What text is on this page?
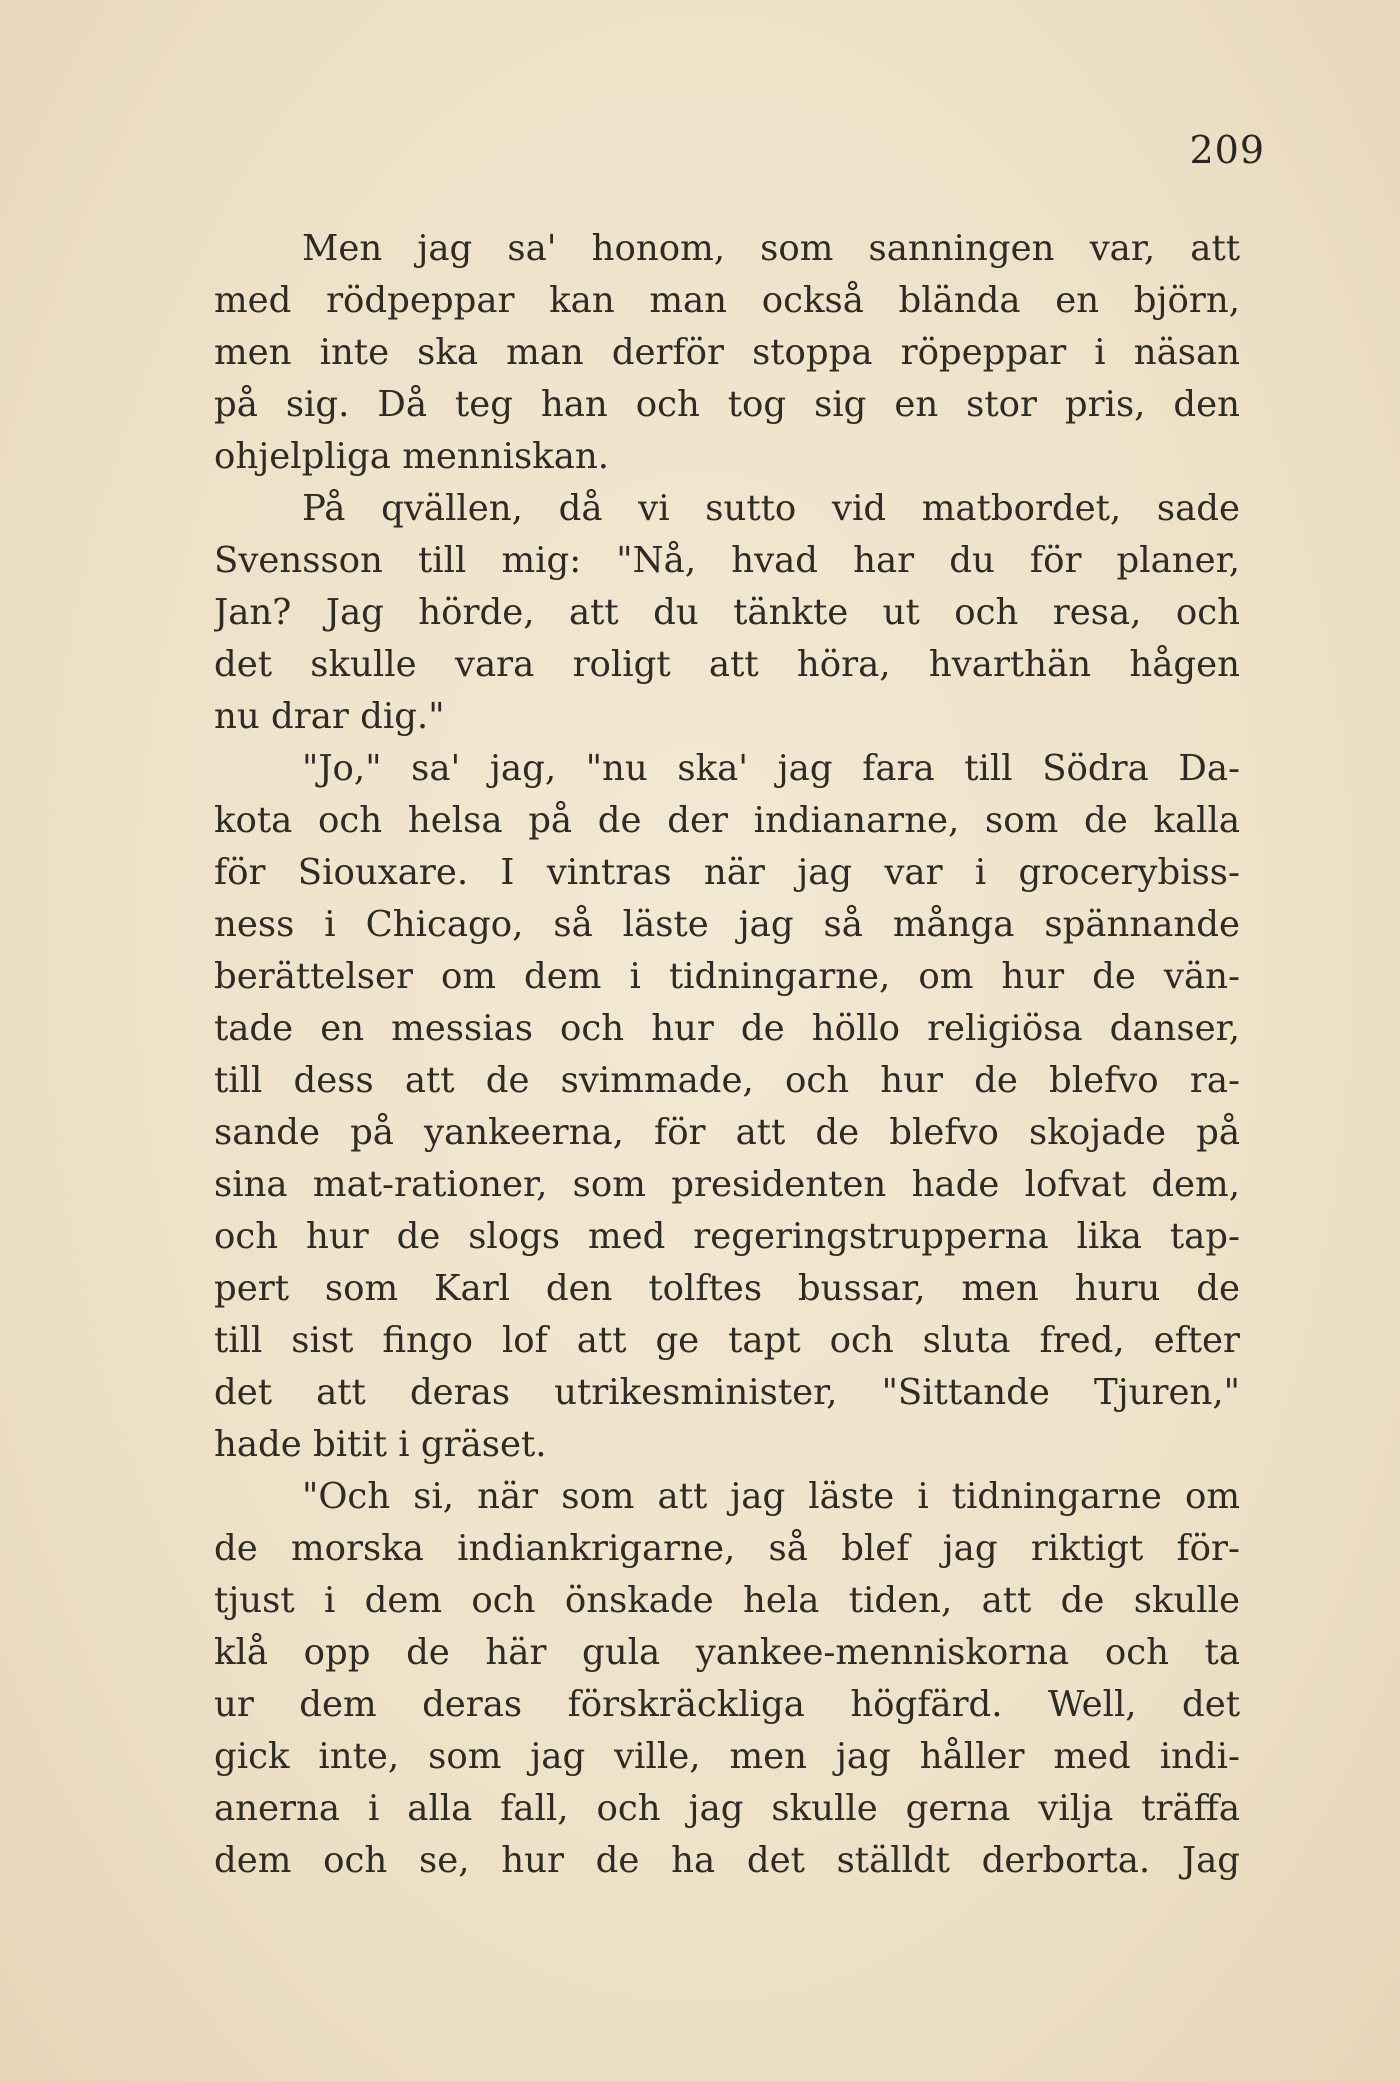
209
Men jag sa' honom, som sanningen var, att
med rödpeppar kan man också blända en björn,
men inte ska man derför stoppa röpeppar i näsan
på sig. Då teg han och tog sig en stor pris, den
ohjelpliga menniskan.
På qvällen, då vi sutto vid matbordet, sade
Svensson till mig: "Nå, hvad har du för planer,
Jan? Jag hörde, att du tänkte ut och resa, och
det skulle vara roligt att höra, hvarthän hågen
nu drar dig."
"Jo," sa' jag, "nu ska' jag fara till Södra Da-
kota och helsa på de der indianarne, som de kalla
för Siouxare. I vintras när jag var i grocerybiss-
ness i Chicago, så läste jag så många spännande
berättelser om dem i tidningarne, om hur de vän-
tade en messias och hur de höllo religiösa danser,
till dess att de svimmade, och hur de blefvo ra-
sande på yankeerna, för att de blefvo skojade på
sina mat-rationer, som presidenten hade lofvat dem,
och hur de slogs med regeringstrupperna lika tap-
pert som Karl den tolftes bussar, men huru de
till sist fingo lof att ge tapt och sluta fred, efter
det att deras utrikesminister, "Sittande Tjuren,"
hade bitit i gräset.
"Och si, när som att jag läste i tidningarne om
de morska indiankrigarne, så blef jag riktigt för-
tjust i dem och önskade hela tiden, att de skulle
klå opp de här gula yankee-menniskorna och ta
ur dem deras förskräckliga högfärd. Well, det
gick inte, som jag ville, men jag håller med indi-
anerna i alla fall, och jag skulle gerna vilja träffa
dem och se, hur de ha det ställdt derborta. Jag
